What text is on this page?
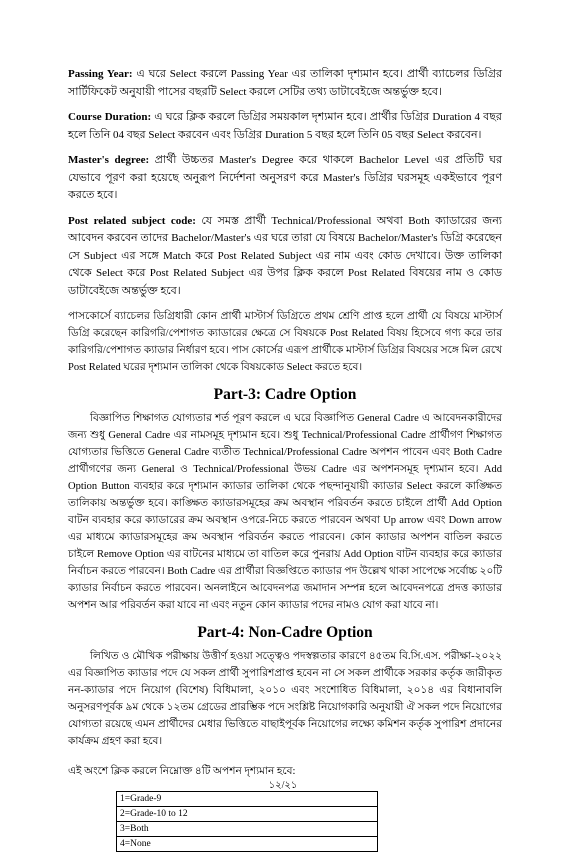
Passing Year: এ ঘরে Select করলে Passing Year এর তালিকা দৃশ্যমান হবে। প্রার্থী ব্যাচেলর ডিগ্রির সার্টিফিকেট অনুযায়ী পাসের বছরটি Select করলে সেটির তথ্য ডাটাবেইজে অন্তর্ভুক্ত হবে।

Course Duration: এ ঘরে ক্লিক করলে ডিগ্রির সময়কাল দৃশ্যমান হবে। প্রার্থীর ডিগ্রির Duration 4 বছর হলে তিনি 04 বছর Select করবেন এবং ডিগ্রির Duration 5 বছর হলে তিনি 05 বছর Select করবেন।

Master's degree: প্রার্থী উচ্চতর Master's Degree করে থাকলে Bachelor Level এর প্রতিটি ঘর যেভাবে পূরণ করা হয়েছে অনুরূপ নির্দেশনা অনুসরণ করে Master's ডিগ্রির ঘরসমূহ একইভাবে পূরণ করতে হবে।

Post related subject code: যে সমস্ত প্রার্থী Technical/Professional অথবা Both ক্যাডারের জন্য আবেদন করবেন তাদের Bachelor/Master's এর ঘরে তারা যে বিষয়ে Bachelor/Master's ডিগ্রি করেছেন সে Subject এর সঙ্গে Match করে Post Related Subject এর নাম এবং কোড দেখাবে। উক্ত তালিকা থেকে Select করে Post Related Subject এর উপর ক্লিক করলে Post Related বিষয়ের নাম ও কোড ডাটাবেইজে অন্তর্ভুক্ত হবে।

পাসকোর্সে ব্যাচেলর ডিগ্রিধারী কোন প্রার্থী মাস্টার্স ডিগ্রিতে প্রথম শ্রেণি প্রাপ্ত হলে প্রার্থী যে বিষয়ে মাস্টার্স ডিগ্রি করেছেন কারিগরি/পেশাগত ক্যাডারের ক্ষেত্রে সে বিষয়কে Post Related বিষয় হিসেবে গণ্য করে তার কারিগরি/পেশাগত ক্যাডার নির্ধারণ হবে। পাস কোর্সের এরূপ প্রার্থীকে মাস্টার্স ডিগ্রির বিষয়ের সঙ্গে মিল রেখে Post Related ঘরের দৃশ্যমান তালিকা থেকে বিষয়কোড Select করতে হবে।

Part-3: Cadre Option

বিজ্ঞাপিত শিক্ষাগত যোগ্যতার শর্ত পূরণ করলে এ ঘরে বিজ্ঞাপিত General Cadre এ আবেদনকারীদের জন্য শুধু General Cadre এর নামসমূহ দৃশ্যমান হবে। শুধু Technical/Professional Cadre প্রার্থীগণ শিক্ষাগত যোগ্যতার ভিত্তিতে General Cadre ব্যতীত Technical/Professional Cadre অপশন পাবেন এবং Both Cadre প্রার্থীগণের জন্য General ও Technical/Professional উভয় Cadre এর অপশনসমূহ দৃশ্যমান হবে। Add Option Button ব্যবহার করে দৃশ্যমান ক্যাডার তালিকা থেকে পছন্দানুযায়ী ক্যাডার Select করলে কাঙ্ক্ষিত তালিকায় অন্তর্ভুক্ত হবে। কাঙ্ক্ষিত ক্যাডারসমূহের ক্রম অবস্থান পরিবর্তন করতে চাইলে প্রার্থী Add Option বাটন ব্যবহার করে ক্যাডারের ক্রম অবস্থান ওপরে-নিচে করতে পারবেন অথবা Up arrow এবং Down arrow এর মাধ্যমে ক্যাডারসমূহের ক্রম অবস্থান পরিবর্তন করতে পারবেন। কোন ক্যাডার অপশন বাতিল করতে চাইলে Remove Option এর বাটনের মাধ্যমে তা বাতিল করে পুনরায় Add Option বাটন ব্যবহার করে ক্যাডার নির্বাচন করতে পারবেন। Both Cadre এর প্রার্থীরা বিজ্ঞপ্তিতে ক্যাডার পদ উল্লেখ থাকা সাপেক্ষে সর্বোচ্চ ২০টি ক্যাডার নির্বাচন করতে পারবেন। অনলাইনে আবেদনপত্র জমাদান সম্পন্ন হলে আবেদনপত্রে প্রদত্ত ক্যাডার অপশন আর পরিবর্তন করা যাবে না এবং নতুন কোন ক্যাডার পদের নামও যোগ করা যাবে না।

Part-4: Non-Cadre Option

লিখিত ও মৌখিক পরীক্ষায় উত্তীর্ণ হওয়া সত্ত্বেও পদস্বল্পতার কারণে ৪৫তম বি.সি.এস. পরীক্ষা-২০২২ এর বিজ্ঞাপিত ক্যাডার পদে যে সকল প্রার্থী সুপারিশপ্রাপ্ত হবেন না সে সকল প্রার্থীকে সরকার কর্তৃক জারীকৃত নন-ক্যাডার পদে নিয়োগ (বিশেষ) বিধিমালা, ২০১০ এবং সংশোধিত বিধিমালা, ২০১৪ এর বিধানাবলি অনুসরণপূর্বক ৯ম থেকে ১২তম গ্রেডের প্রারম্ভিক পদে সংশ্লিষ্ট নিয়োগকারি অনুযায়ী ঐ সকল পদে নিয়োগের যোগ্যতা রয়েছে এমন প্রার্থীদের মেধার ভিত্তিতে বাছাইপূর্বক নিয়োগের লক্ষ্যে কমিশন কর্তৃক সুপারিশ প্রদানের কার্যক্রম গ্রহণ করা হবে।

এই অংশে ক্লিক করলে নিম্নোক্ত ৪টি অপশন দৃশ্যমান হবে:
1=Grade-9
2=Grade-10 to 12
3=Both
4=None
১২/২১
